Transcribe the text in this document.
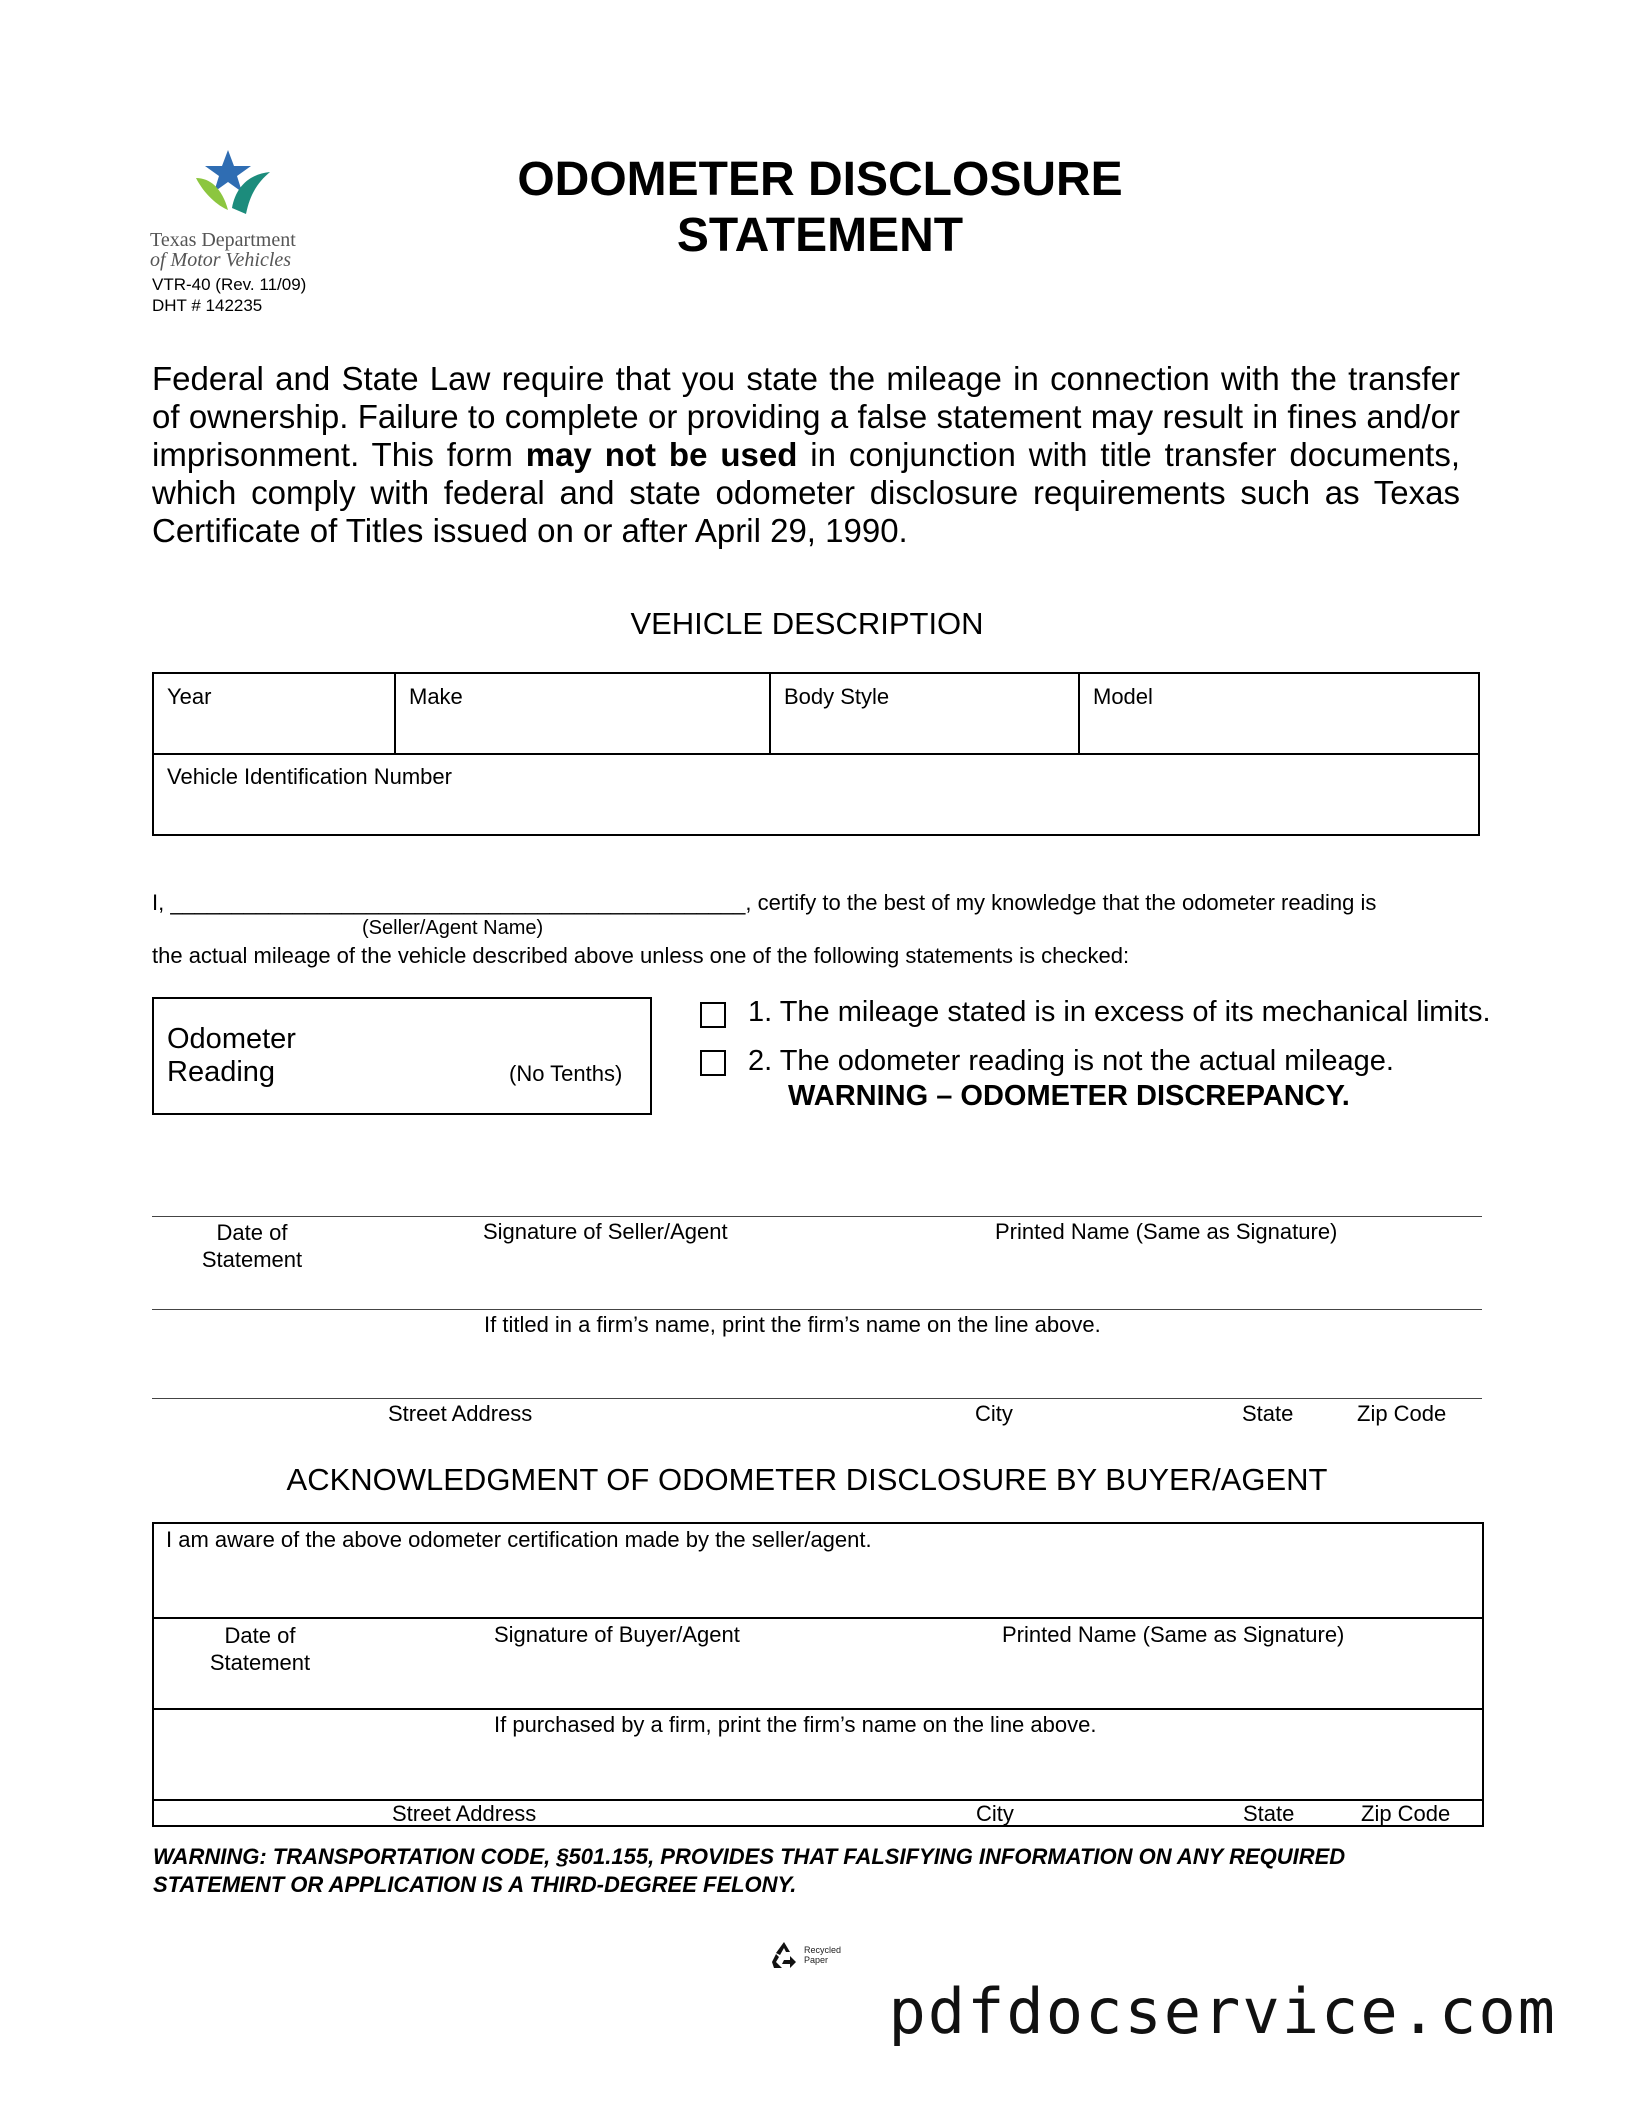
Texas Department
of Motor Vehicles
VTR-40 (Rev. 11/09)
DHT # 142235
ODOMETER DISCLOSURE
STATEMENT
Federal and State Law require that you state the mileage in connection with the transfer of ownership. Failure to complete or providing a false statement may result in fines and/or imprisonment. This form may not be used in conjunction with title transfer documents, which comply with federal and state odometer disclosure requirements such as Texas Certificate of Titles issued on or after April 29, 1990.
VEHICLE DESCRIPTION
Year	Make	Body Style	Model
Vehicle Identification Number
I, _______________________________________________, certify to the best of my knowledge that the odometer reading is
(Seller/Agent Name)
the actual mileage of the vehicle described above unless one of the following statements is checked:
Odometer
Reading	(No Tenths)
1. The mileage stated is in excess of its mechanical limits.
2. The odometer reading is not the actual mileage.
WARNING – ODOMETER DISCREPANCY.
Date of
Statement
Signature of Seller/Agent	Printed Name (Same as Signature)
If titled in a firm’s name, print the firm’s name on the line above.
Street Address	City	State	Zip Code
ACKNOWLEDGMENT OF ODOMETER DISCLOSURE BY BUYER/AGENT
I am aware of the above odometer certification made by the seller/agent.
Date of
Statement
Signature of Buyer/Agent	Printed Name (Same as Signature)
If purchased by a firm, print the firm’s name on the line above.
Street Address	City	State	Zip Code
WARNING: TRANSPORTATION CODE, §501.155, PROVIDES THAT FALSIFYING INFORMATION ON ANY REQUIRED
STATEMENT OR APPLICATION IS A THIRD-DEGREE FELONY.
Recycled
Paper
pdfdocservice.com
